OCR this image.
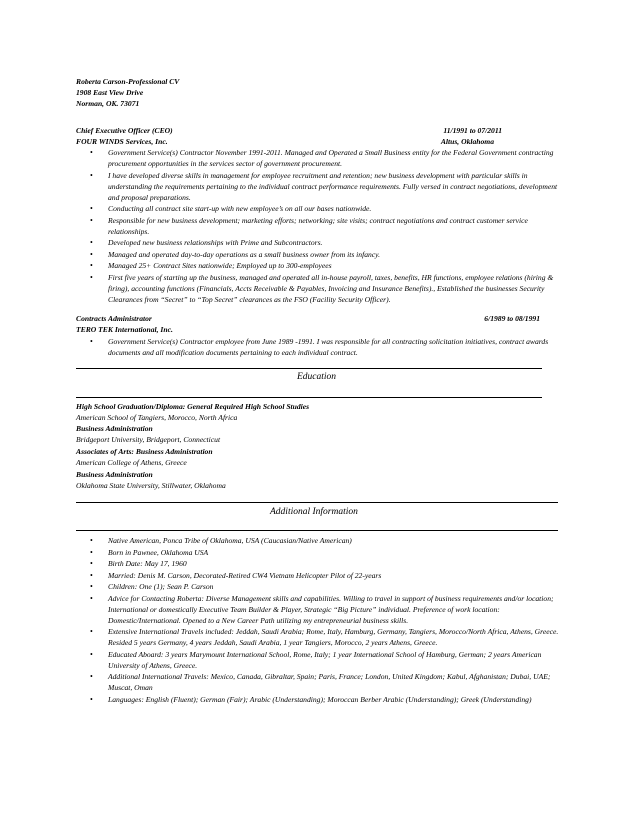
Roberta Carson-Professional CV
1908 East View Drive
Norman, OK. 73071
Chief Executive Officer (CEO)	11/1991 to 07/2011
FOUR WINDS Services, Inc.	Altus, Oklahoma
• Government Service(s) Contractor November 1991-2011. Managed and Operated a Small Business entity for the Federal Government contracting procurement opportunities in the services sector of government procurement.
• I have developed diverse skills in management for employee recruitment and retention; new business development with particular skills in understanding the requirements pertaining to the individual contract performance requirements. Fully versed in contract negotiations, development and proposal preparations.
• Conducting all contract site start-up with new employee’s on all our bases nationwide.
• Responsible for new business development; marketing efforts; networking; site visits; contract negotiations and contract customer service relationships.
• Developed new business relationships with Prime and Subcontractors.
• Managed and operated day-to-day operations as a small business owner from its infancy.
• Managed 25+ Contract Sites nationwide; Employed up to 300-employees
• First five years of starting up the business, managed and operated all in-house payroll, taxes, benefits, HR functions, employee relations (hiring & firing), accounting functions (Financials, Accts Receivable & Payables, Invoicing and Insurance Benefits)., Established the businesses Security Clearances from “Secret” to “Top Secret” clearances as the FSO (Facility Security Officer).
Contracts Administrator	6/1989 to 08/1991
TERO TEK International, Inc.
• Government Service(s) Contractor employee from June 1989 -1991. I was responsible for all contracting solicitation initiatives, contract awards documents and all modification documents pertaining to each individual contract.
Education
High School Graduation/Diploma: General Required High School Studies
American School of Tangiers, Morocco, North Africa
Business Administration
Bridgeport University, Bridgeport, Connecticut
Associates of Arts: Business Administration
American College of Athens, Greece
Business Administration
Oklahoma State University, Stillwater, Oklahoma
Additional Information
• Native American, Ponca Tribe of Oklahoma, USA (Caucasian/Native American)
• Born in Pawnee, Oklahoma USA
• Birth Date: May 17, 1960
• Married: Denis M. Carson, Decorated-Retired CW4 Vietnam Helicopter Pilot of 22-years
• Children: One (1); Sean P. Carson
• Advice for Contacting Roberta: Diverse Management skills and capabilities. Willing to travel in support of business requirements and/or location; International or domestically Executive Team Builder & Player, Strategic “Big Picture” individual. Preference of work location: Domestic/International. Opened to a New Career Path utilizing my entrepreneurial business skills.
• Extensive International Travels included: Jeddah, Saudi Arabia; Rome, Italy, Hamburg, Germany, Tangiers, Morocco/North Africa, Athens, Greece. Resided 5 years Germany, 4 years Jeddah, Saudi Arabia, 1 year Tangiers, Morocco, 2 years Athens, Greece.
• Educated Aboard: 3 years Marymount International School, Rome, Italy; 1 year International School of Hamburg, German; 2 years American University of Athens, Greece.
• Additional International Travels: Mexico, Canada, Gibraltar, Spain; Paris, France; London, United Kingdom; Kabul, Afghanistan; Dubai, UAE; Muscat, Oman
• Languages: English (Fluent); German (Fair); Arabic (Understanding); Moroccan Berber Arabic (Understanding); Greek (Understanding)
